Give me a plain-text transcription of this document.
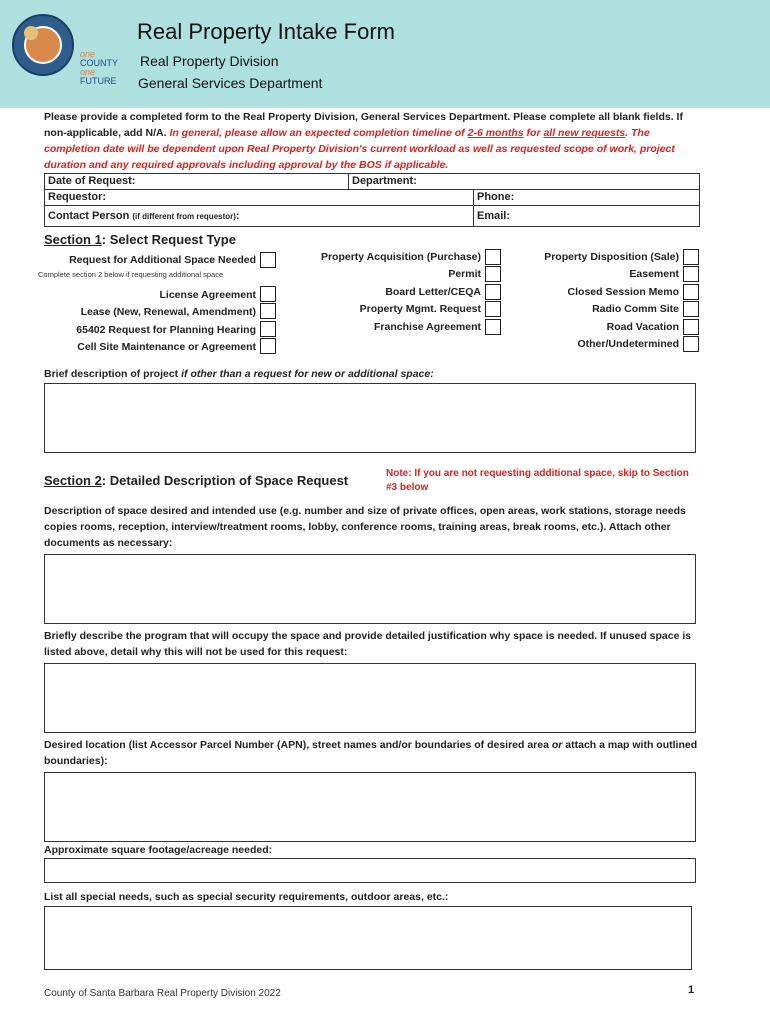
one
COUNTY
one
FUTURE
Real Property Intake Form
Real Property Division
General Services Department
Please provide a completed form to the Real Property Division, General Services Department. Please complete all blank fields. If non-applicable, add N/A. In general, please allow an expected completion timeline of 2-6 months for all new requests. The completion date will be dependent upon Real Property Division's current workload as well as requested scope of work, project duration and any required approvals including approval by the BOS if applicable.
Date of Request:	Department:
Requestor:	Phone:
Contact Person (if different from requestor):	Email:
Section 1: Select Request Type
Request for Additional Space Needed
Complete section 2 below if requesting additional space
License Agreement
Lease (New, Renewal, Amendment)
65402 Request for Planning Hearing
Cell Site Maintenance or Agreement
Property Acquisition (Purchase)
Permit
Board Letter/CEQA
Property Mgmt. Request
Franchise Agreement
Property Disposition (Sale)
Easement
Closed Session Memo
Radio Comm Site
Road Vacation
Other/Undetermined
Brief description of project if other than a request for new or additional space:
Section 2: Detailed Description of Space Request	Note: If you are not requesting additional space, skip to Section #3 below
Description of space desired and intended use (e.g. number and size of private offices, open areas, work stations, storage needs copies rooms, reception, interview/treatment rooms, lobby, conference rooms, training areas, break rooms, etc.). Attach other documents as necessary:
Briefly describe the program that will occupy the space and provide detailed justification why space is needed. If unused space is listed above, detail why this will not be used for this request:
Desired location (list Accessor Parcel Number (APN), street names and/or boundaries of desired area or attach a map with outlined boundaries):
Approximate square footage/acreage needed:
List all special needs, such as special security requirements, outdoor areas, etc.:
County of Santa Barbara Real Property Division 2022	1
